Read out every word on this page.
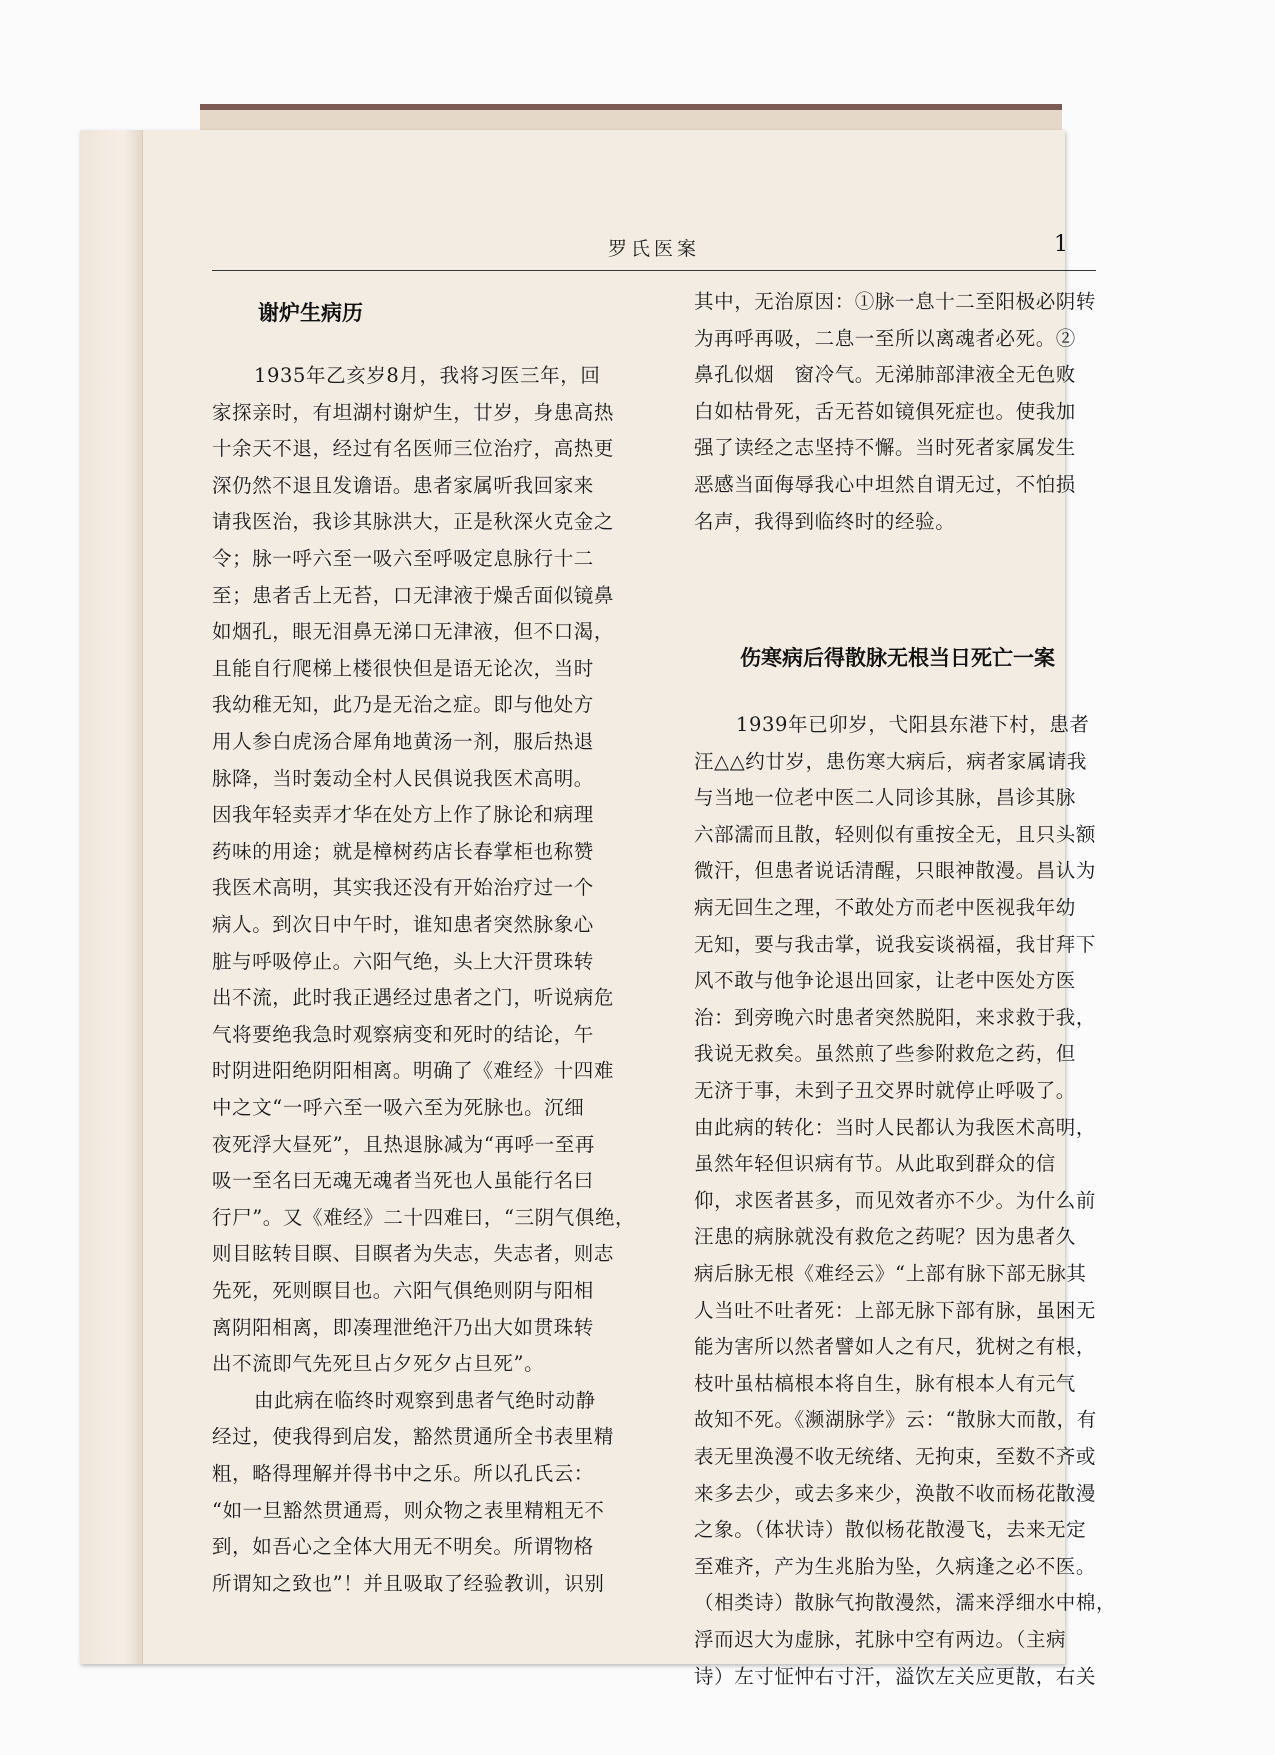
罗氏医案	1
谢炉生病历
1935年乙亥岁8月，我将习医三年，回
家探亲时，有坦湖村谢炉生，廿岁，身患高热
十余天不退，经过有名医师三位治疗，高热更
深仍然不退且发谵语。患者家属听我回家来
请我医治，我诊其脉洪大，正是秋深火克金之
令；脉一呼六至一吸六至呼吸定息脉行十二
至；患者舌上无苔，口无津液于燥舌面似镜鼻
如烟孔，眼无泪鼻无涕口无津液，但不口渴，
且能自行爬梯上楼很快但是语无论次，当时
我幼稚无知，此乃是无治之症。即与他处方
用人参白虎汤合犀角地黄汤一剂，服后热退
脉降，当时轰动全村人民俱说我医术高明。
因我年轻卖弄才华在处方上作了脉论和病理
药味的用途；就是樟树药店长春掌柜也称赞
我医术高明，其实我还没有开始治疗过一个
病人。到次日中午时，谁知患者突然脉象心
脏与呼吸停止。六阳气绝，头上大汗贯珠转
出不流，此时我正遇经过患者之门，听说病危
气将要绝我急时观察病变和死时的结论，午
时阴进阳绝阴阳相离。明确了《难经》十四难
中之文“一呼六至一吸六至为死脉也。沉细
夜死浮大昼死”，且热退脉减为“再呼一至再
吸一至名曰无魂无魂者当死也人虽能行名曰
行尸”。又《难经》二十四难曰，“三阴气俱绝，
则目眩转目瞑、目瞑者为失志，失志者，则志
先死，死则瞑目也。六阳气俱绝则阴与阳相
离阴阳相离，即凑理泄绝汗乃出大如贯珠转
出不流即气先死旦占夕死夕占旦死”。
由此病在临终时观察到患者气绝时动静
经过，使我得到启发，豁然贯通所全书表里精
粗，略得理解并得书中之乐。所以孔氏云：
“如一旦豁然贯通焉，则众物之表里精粗无不
到，如吾心之全体大用无不明矣。所谓物格
所谓知之致也”！并且吸取了经验教训，识别
伤寒病后得散脉无根当日死亡一案
其中，无治原因：①脉一息十二至阳极必阴转
为再呼再吸，二息一至所以离魂者必死。②
鼻孔似烟　窗冷气。无涕肺部津液全无色败
白如枯骨死，舌无苔如镜俱死症也。使我加
强了读经之志坚持不懈。当时死者家属发生
恶感当面侮辱我心中坦然自谓无过，不怕损
名声，我得到临终时的经验。
1939年已卯岁，弋阳县东港下村，患者
汪△△约廿岁，患伤寒大病后，病者家属请我
与当地一位老中医二人同诊其脉，昌诊其脉
六部濡而且散，轻则似有重按全无，且只头额
微汗，但患者说话清醒，只眼神散漫。昌认为
病无回生之理，不敢处方而老中医视我年幼
无知，要与我击掌，说我妄谈祸福，我甘拜下
风不敢与他争论退出回家，让老中医处方医
治：到旁晚六时患者突然脱阳，来求救于我，
我说无救矣。虽然煎了些参附救危之药，但
无济于事，未到子丑交界时就停止呼吸了。
由此病的转化：当时人民都认为我医术高明，
虽然年轻但识病有节。从此取到群众的信
仰，求医者甚多，而见效者亦不少。为什么前
汪患的病脉就没有救危之药呢？因为患者久
病后脉无根《难经云》“上部有脉下部无脉其
人当吐不吐者死：上部无脉下部有脉，虽困无
能为害所以然者譬如人之有尺，犹树之有根，
枝叶虽枯槁根本将自生，脉有根本人有元气
故知不死。《濒湖脉学》云：“散脉大而散，有
表无里涣漫不收无统绪、无拘束，至数不齐或
来多去少，或去多来少，涣散不收而杨花散漫
之象。（体状诗）散似杨花散漫飞，去来无定
至难齐，产为生兆胎为坠，久病逢之必不医。
（相类诗）散脉气拘散漫然，濡来浮细水中棉，
浮而迟大为虚脉，芤脉中空有两边。（主病
诗）左寸怔忡右寸汗，溢饮左关应更散，右关
